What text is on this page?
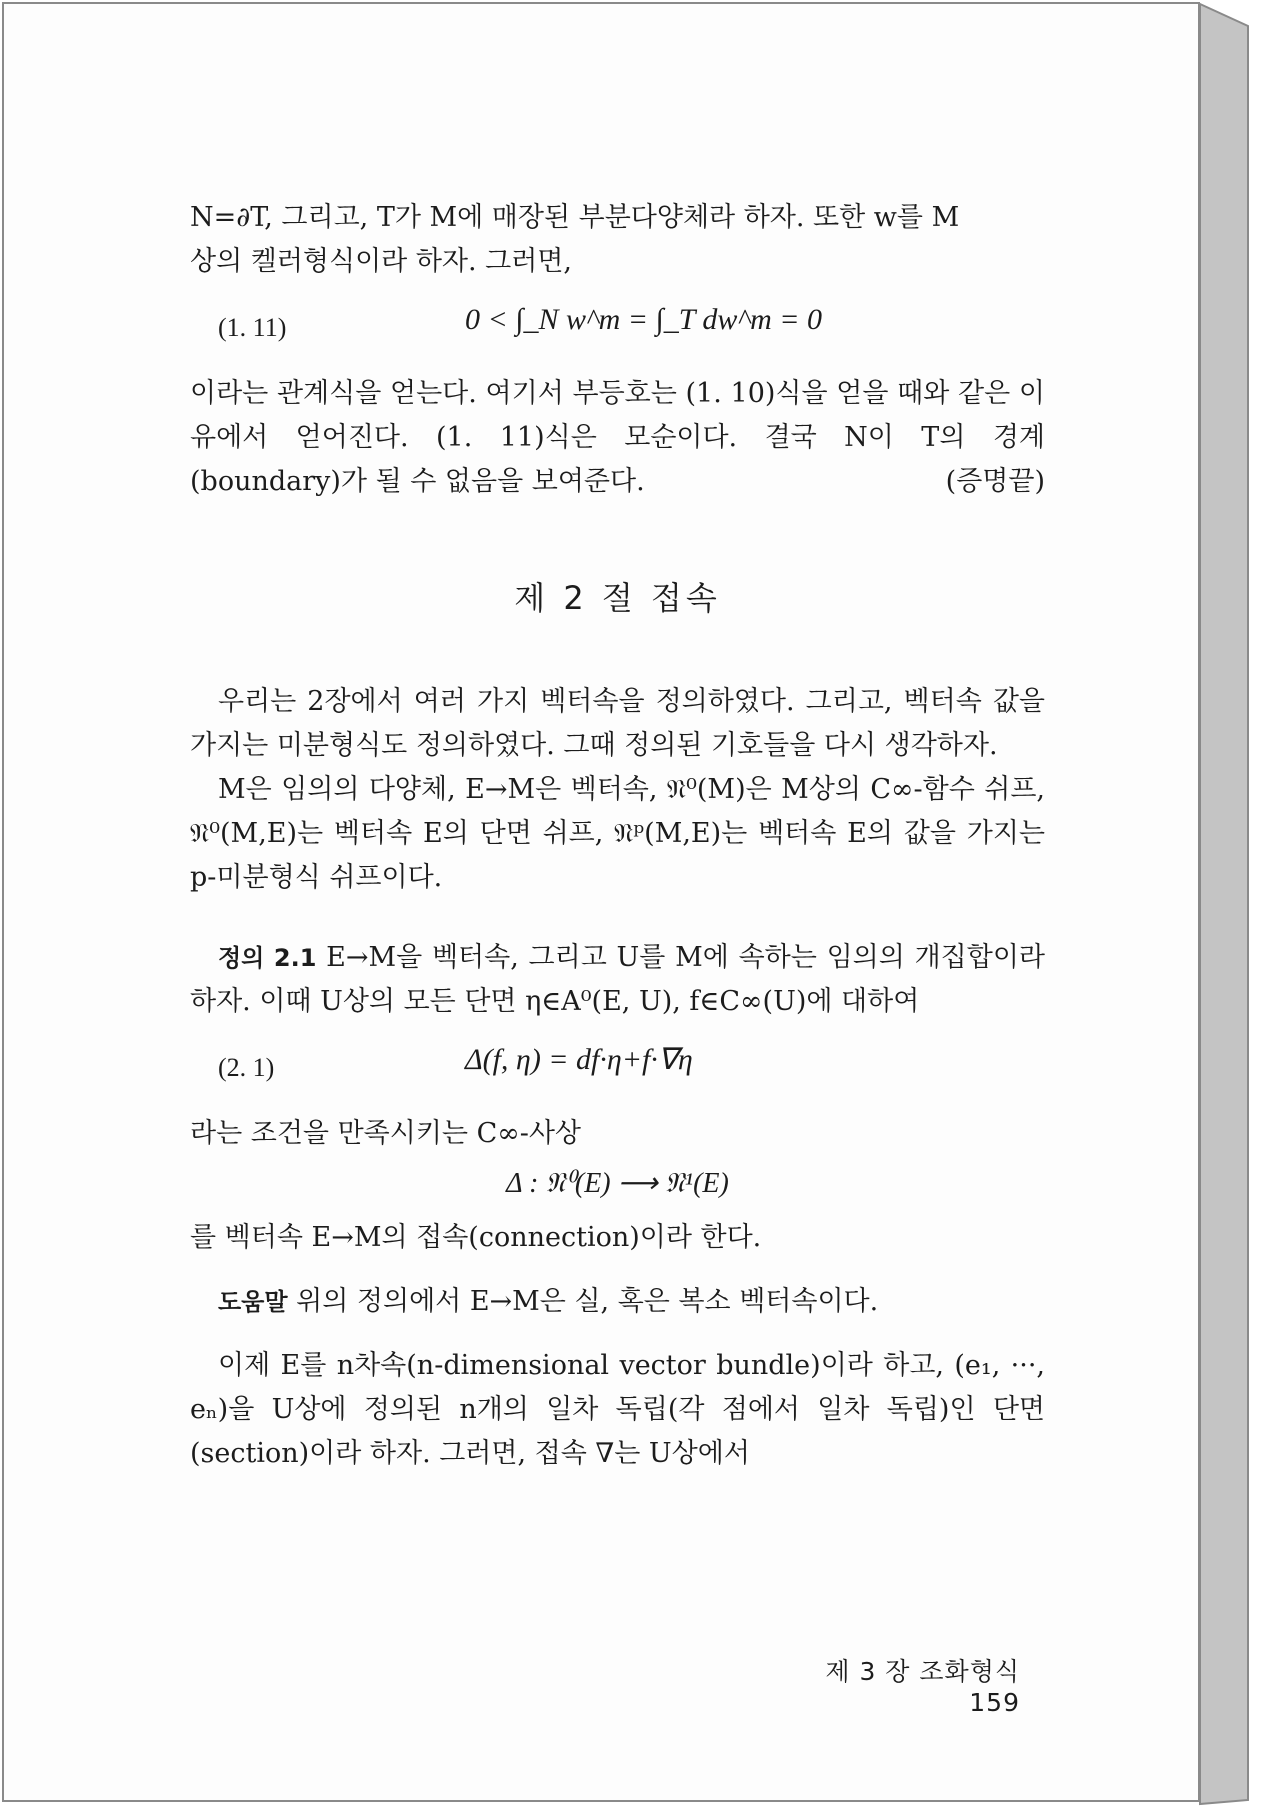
N=∂T, 그리고, T가 M에 매장된 부분다양체라 하자. 또한 w를 M

상의 켈러형식이라 하자. 그러면,

(1. 11)	0 < ∫_N w^m = ∫_T dw^m = 0

이라는 관계식을 얻는다. 여기서 부등호는 (1. 10)식을 얻을 때와 같은 이유에서 얻어진다. (1. 11)식은 모순이다. 결국 N이 T의 경계(boundary)가 될 수 없음을 보여준다.	(증명끝)

제 2 절 접속

우리는 2장에서 여러 가지 벡터속을 정의하였다. 그리고, 벡터속 값을 가지는 미분형식도 정의하였다. 그때 정의된 기호들을 다시 생각하자.

M은 임의의 다양체, E→M은 벡터속, 𝔑⁰(M)은 M상의 C∞-함수 쉬프, 𝔑⁰(M,E)는 벡터속 E의 단면 쉬프, 𝔑ᵖ(M,E)는 벡터속 E의 값을 가지는 p-미분형식 쉬프이다.

정의 2.1 E→M을 벡터속, 그리고 U를 M에 속하는 임의의 개집합이라 하자. 이때 U상의 모든 단면 η∈A⁰(E, U), f∈C∞(U)에 대하여

(2. 1)	Δ(f, η) = df·η+f·∇η

라는 조건을 만족시키는 C∞-사상

Δ : 𝔑⁰(E) ⟶ 𝔑¹(E)

를 벡터속 E→M의 접속(connection)이라 한다.

도움말 위의 정의에서 E→M은 실, 혹은 복소 벡터속이다.

이제 E를 n차속(n-dimensional vector bundle)이라 하고, (e₁, ···, eₙ)을 U상에 정의된 n개의 일차 독립(각 점에서 일차 독립)인 단면(section)이라 하자. 그러면, 접속 ∇는 U상에서

제 3 장 조화형식 159
